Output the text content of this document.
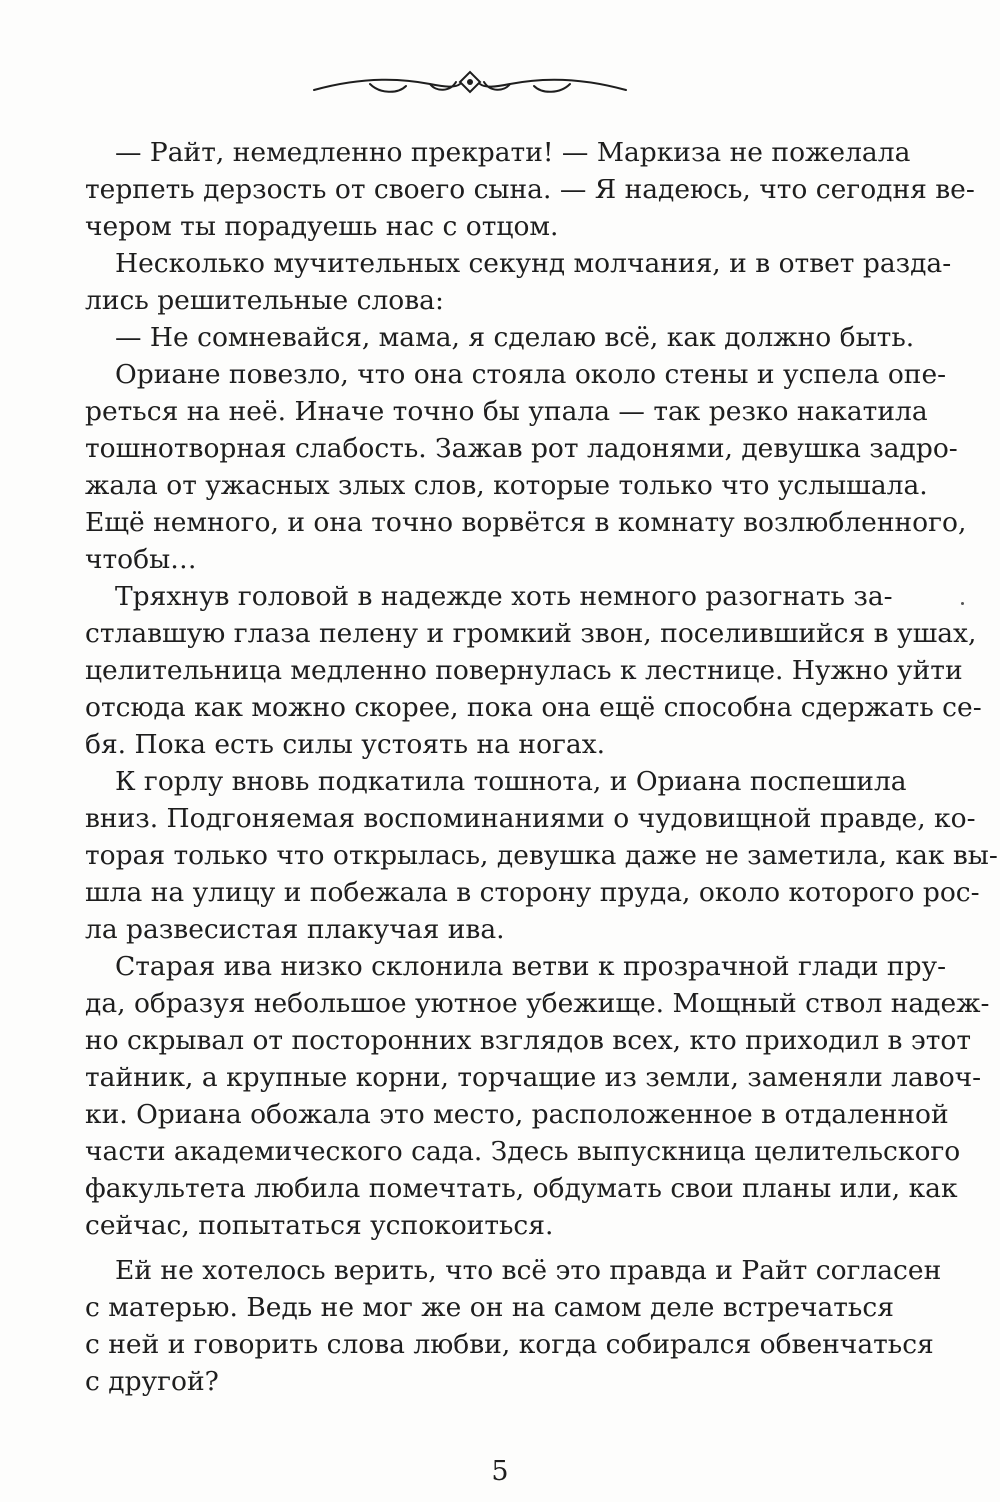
— Райт, немедленно прекрати! — Маркиза не пожелала
терпеть дерзость от своего сына. — Я надеюсь, что сегодня ве-
чером ты порадуешь нас с отцом.
Несколько мучительных секунд молчания, и в ответ разда-
лись решительные слова:
— Не сомневайся, мама, я сделаю всё, как должно быть.
Ориане повезло, что она стояла около стены и успела опе-
реться на неё. Иначе точно бы упала — так резко накатила
тошнотворная слабость. Зажав рот ладонями, девушка задро-
жала от ужасных злых слов, которые только что услышала.
Ещё немного, и она точно ворвётся в комнату возлюбленного,
чтобы…
Тряхнув головой в надежде хоть немного разогнать за-
стлавшую глаза пелену и громкий звон, поселившийся в ушах,
целительница медленно повернулась к лестнице. Нужно уйти
отсюда как можно скорее, пока она ещё способна сдержать се-
бя. Пока есть силы устоять на ногах.
К горлу вновь подкатила тошнота, и Ориана поспешила
вниз. Подгоняемая воспоминаниями о чудовищной правде, ко-
торая только что открылась, девушка даже не заметила, как вы-
шла на улицу и побежала в сторону пруда, около которого рос-
ла развесистая плакучая ива.
Старая ива низко склонила ветви к прозрачной глади пру-
да, образуя небольшое уютное убежище. Мощный ствол надеж-
но скрывал от посторонних взглядов всех, кто приходил в этот
тайник, а крупные корни, торчащие из земли, заменяли лавоч-
ки. Ориана обожала это место, расположенное в отдаленной
части академического сада. Здесь выпускница целительского
факультета любила помечтать, обдумать свои планы или, как
сейчас, попытаться успокоиться.
Ей не хотелось верить, что всё это правда и Райт согласен
с матерью. Ведь не мог же он на самом деле встречаться
с ней и говорить слова любви, когда собирался обвенчаться
с другой?
5
